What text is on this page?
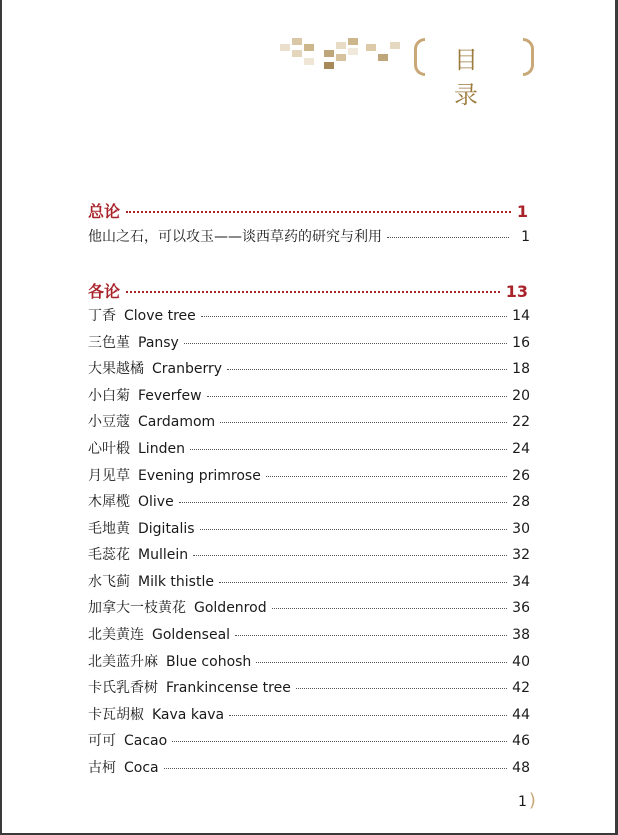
目 录
总论	1
他山之石，可以攻玉——谈西草药的研究与利用	1
各论	13
丁香 Clove tree	14
三色堇 Pansy	16
大果越橘 Cranberry	18
小白菊 Feverfew	20
小豆蔻 Cardamom	22
心叶椴 Linden	24
月见草 Evening primrose	26
木犀榄 Olive	28
毛地黄 Digitalis	30
毛蕊花 Mullein	32
水飞蓟 Milk thistle	34
加拿大一枝黄花 Goldenrod	36
北美黄连 Goldenseal	38
北美蓝升麻 Blue cohosh	40
卡氏乳香树 Frankincense tree	42
卡瓦胡椒 Kava kava	44
可可 Cacao	46
古柯 Coca	48
1 )
